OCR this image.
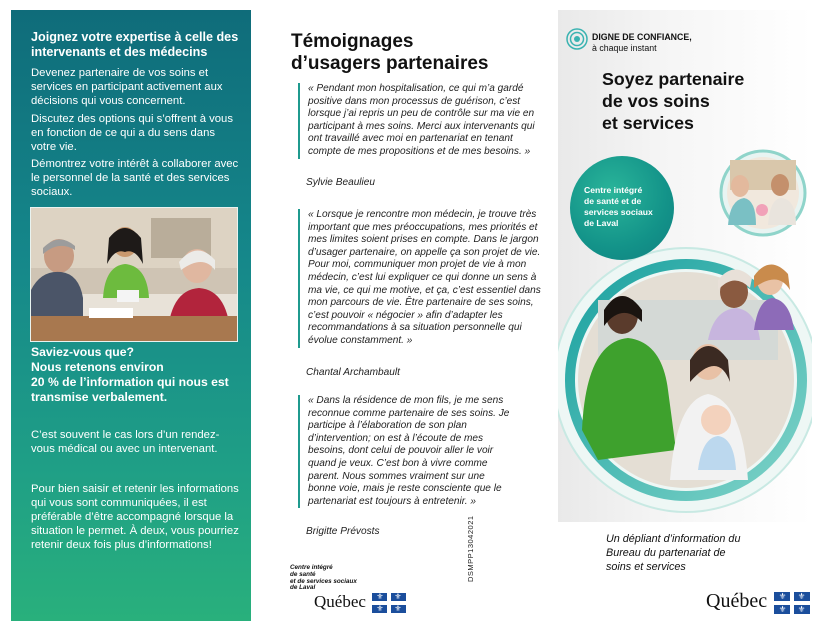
Joignez votre expertise à celle des intervenants et des médecins

Devenez partenaire de vos soins et services en participant activement aux décisions qui vous concernent.

Discutez des options qui s’offrent à vous en fonction de ce qui a du sens dans votre vie.

Démontrez votre intérêt à collaborer avec le personnel de la santé et des services sociaux.

Saviez-vous que?
Nous retenons environ
20 % de l’information qui nous est
transmise verbalement.

C’est souvent le cas lors d’un rendez-vous médical ou avec un intervenant.

Pour bien saisir et retenir les informations qui vous sont communiquées, il est préférable d’être accompagné lorsque la situation le permet. À deux, vous pourriez retenir deux fois plus d’informations!

Témoignages
d’usagers partenaires

« Pendant mon hospitalisation, ce qui m’a gardé positive dans mon processus de guérison, c’est lorsque j’ai repris un peu de contrôle sur ma vie en participant à mes soins. Merci aux intervenants qui ont travaillé avec moi en partenariat en tenant compte de mes propositions et de mes besoins. »

Sylvie Beaulieu

« Lorsque je rencontre mon médecin, je trouve très important que mes préoccupations, mes priorités et mes limites soient prises en compte. Dans le jargon d’usager partenaire, on appelle ça son projet de vie. Pour moi, communiquer mon projet de vie à mon médecin, c’est lui expliquer ce qui donne un sens à ma vie, ce qui me motive, et ça, c’est essentiel dans mon parcours de vie. Être partenaire de ses soins, c’est pouvoir « négocier » afin d’adapter les recommandations à sa situation personnelle qui évolue constamment. »

Chantal Archambault

« Dans la résidence de mon fils, je me sens reconnue comme partenaire de ses soins. Je participe à l’élaboration de son plan d’intervention; on est à l’écoute de mes besoins, dont celui de pouvoir aller le voir quand je veux. C’est bon à vivre comme parent. Nous sommes vraiment sur une bonne voie, mais je reste consciente que le partenariat est toujours à entretenir. »

Brigitte Prévosts	DSMPP13042021
Centre intégré
de santé
et de services sociaux
de Laval
Québec	⚜	⚜
⚜	⚜
DIGNE DE CONFIANCE,
à chaque instant
Soyez partenaire
de vos soins
et services

Centre intégré
de santé et de
services sociaux
de Laval

Un dépliant d’information du
Bureau du partenariat de
soins et services

Québec	⚜	⚜
⚜	⚜
